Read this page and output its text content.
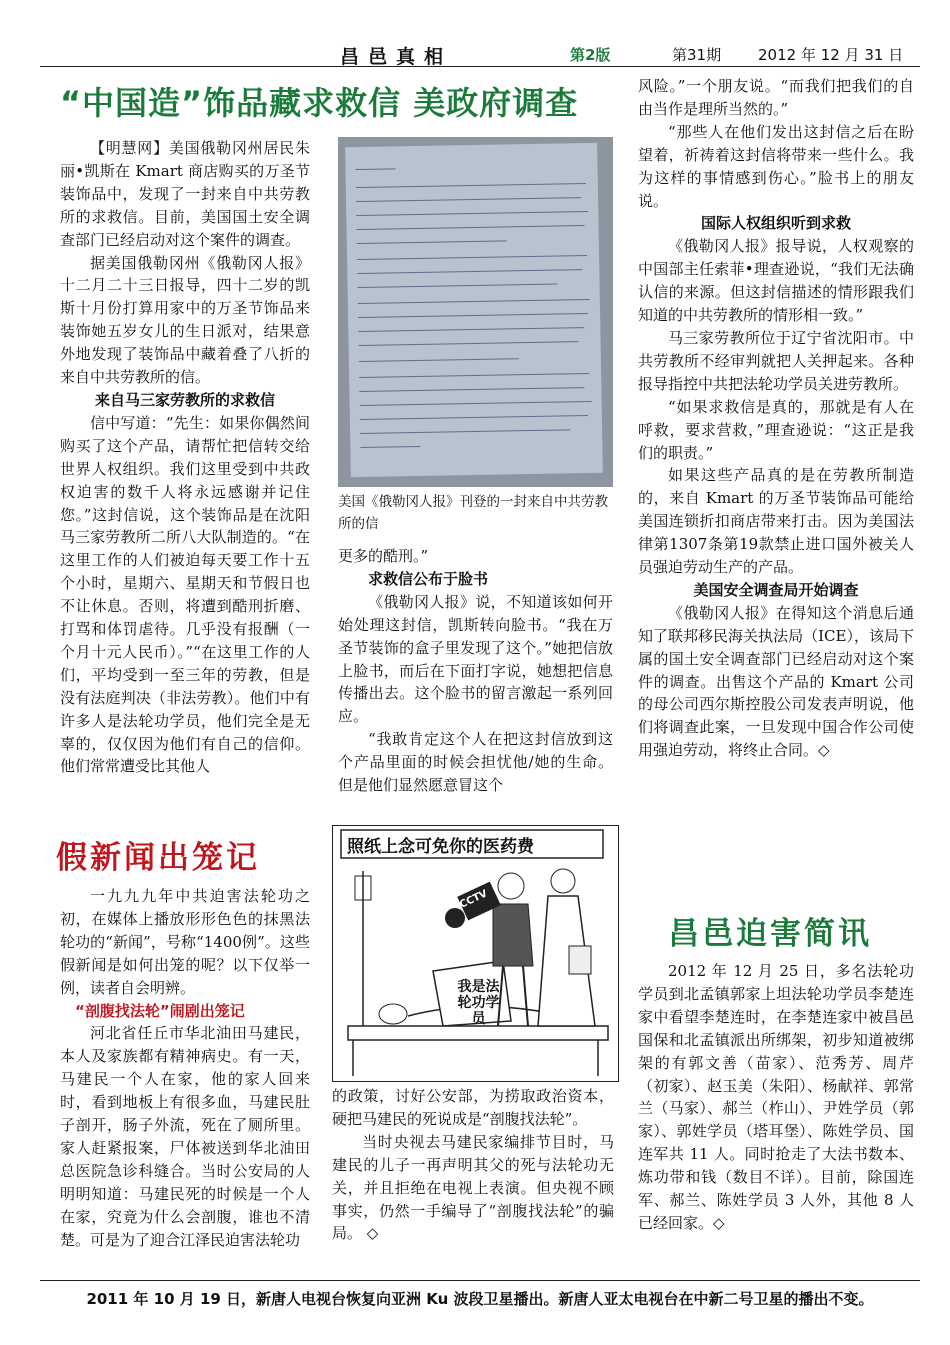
昌邑真相	第2版	第31期 2012 年 12 月 31 日
“中国造”饰品藏求救信 美政府调查

【明慧网】美国俄勒冈州居民朱丽•凯斯在 Kmart 商店购买的万圣节装饰品中，发现了一封来自中共劳教所的求救信。目前，美国国土安全调查部门已经启动对这个案件的调查。

据美国俄勒冈州《俄勒冈人报》十二月二十三日报导，四十二岁的凯斯十月份打算用家中的万圣节饰品来装饰她五岁女儿的生日派对，结果意外地发现了装饰品中藏着叠了八折的来自中共劳教所的信。

来自马三家劳教所的求救信

信中写道：“先生：如果你偶然间购买了这个产品，请帮忙把信转交给世界人权组织。我们这里受到中共政权迫害的数千人将永远感谢并记住您。”这封信说，这个装饰品是在沈阳马三家劳教所二所八大队制造的。“在这里工作的人们被迫每天要工作十五个小时，星期六、星期天和节假日也不让休息。否则，将遭到酷刑折磨、打骂和体罚虐待。几乎没有报酬（一个月十元人民币）。”“在这里工作的人们，平均受到一至三年的劳教，但是没有法庭判决（非法劳教）。他们中有许多人是法轮功学员，他们完全是无辜的，仅仅因为他们有自己的信仰。他们常常遭受比其他人

美国《俄勒冈人报》刊登的一封来自中共劳教所的信

更多的酷刑。”

求救信公布于脸书

《俄勒冈人报》说，不知道该如何开始处理这封信，凯斯转向脸书。“我在万圣节装饰的盒子里发现了这个。”她把信放上脸书，而后在下面打字说，她想把信息传播出去。这个脸书的留言激起一系列回应。

“我敢肯定这个人在把这封信放到这个产品里面的时候会担忧他/她的生命。但是他们显然愿意冒这个

风险。”一个朋友说。“而我们把我们的自由当作是理所当然的。”

“那些人在他们发出这封信之后在盼望着，祈祷着这封信将带来一些什么。我为这样的事情感到伤心。”脸书上的朋友说。

国际人权组织听到求救

《俄勒冈人报》报导说，人权观察的中国部主任索菲•理查逊说，“我们无法确认信的来源。但这封信描述的情形跟我们知道的中共劳教所的情形相一致。”

马三家劳教所位于辽宁省沈阳市。中共劳教所不经审判就把人关押起来。各种报导指控中共把法轮功学员关进劳教所。

“如果求救信是真的，那就是有人在呼救，要求营救，”理查逊说：“这正是我们的职责。”

如果这些产品真的是在劳教所制造的，来自 Kmart 的万圣节装饰品可能给美国连锁折扣商店带来打击。因为美国法律第1307条第19款禁止进口国外被关人员强迫劳动生产的产品。

美国安全调查局开始调查

《俄勒冈人报》在得知这个消息后通知了联邦移民海关执法局（ICE），该局下属的国土安全调查部门已经启动对这个案件的调查。出售这个产品的 Kmart 公司的母公司西尔斯控股公司发表声明说，他们将调查此案，一旦发现中国合作公司使用强迫劳动，将终止合同。◇

假新闻出笼记

一九九九年中共迫害法轮功之初，在媒体上播放形形色色的抹黑法轮功的“新闻”，号称“1400例”。这些假新闻是如何出笼的呢？以下仅举一例，读者自会明辨。

“剖腹找法轮”闹剧出笼记

河北省任丘市华北油田马建民，本人及家族都有精神病史。有一天，马建民一个人在家，他的家人回来时，看到地板上有很多血，马建民肚子剖开，肠子外流，死在了厕所里。家人赶紧报案，尸体被送到华北油田总医院急诊科缝合。当时公安局的人明明知道：马建民死的时候是一个人在家，究竟为什么会剖腹，谁也不清楚。可是为了迎合江泽民迫害法轮功

照纸上念可免你的医药费
我是法轮功学员
CCTV

的政策，讨好公安部，为捞取政治资本，硬把马建民的死说成是“剖腹找法轮”。

当时央视去马建民家编排节目时，马建民的儿子一再声明其父的死与法轮功无关，并且拒绝在电视上表演。但央视不顾事实，仍然一手编导了“剖腹找法轮”的骗局。 ◇

昌邑迫害简讯

2012 年 12 月 25 日，多名法轮功学员到北孟镇郭家上坦法轮功学员李楚连家中看望李楚连时，在李楚连家中被昌邑国保和北孟镇派出所绑架，初步知道被绑架的有郭文善（苗家）、范秀芳、周芹（初家）、赵玉美（朱阳）、杨献祥、郭常兰（马家）、郝兰（柞山）、尹姓学员（郭家）、郭姓学员（塔耳堡）、陈姓学员、国连军共 11 人。同时抢走了大法书数本、炼功带和钱（数目不详）。目前，除国连军、郝兰、陈姓学员 3 人外，其他 8 人已经回家。◇

2011 年 10 月 19 日，新唐人电视台恢复向亚洲 Ku 波段卫星播出。新唐人亚太电视台在中新二号卫星的播出不变。
